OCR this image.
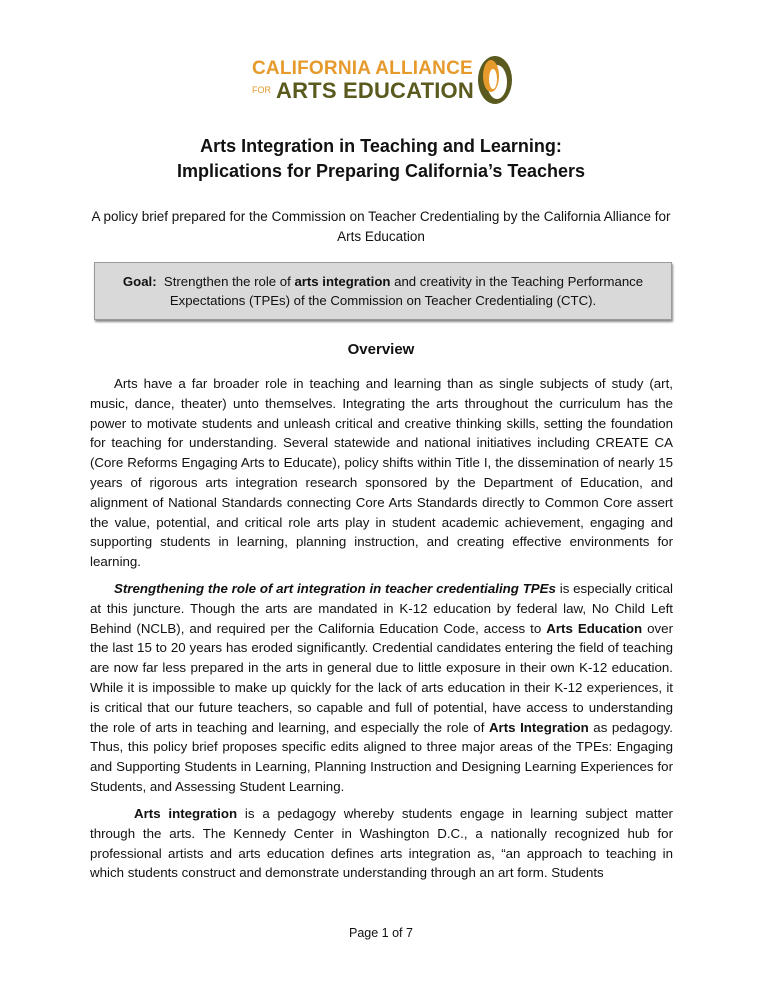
CALIFORNIA ALLIANCE
FOR ARTS EDUCATION
Arts Integration in Teaching and Learning:
Implications for Preparing California’s Teachers
A policy brief prepared for the Commission on Teacher Credentialing by the California Alliance for Arts Education
Goal: Strengthen the role of arts integration and creativity in the Teaching Performance Expectations (TPEs) of the Commission on Teacher Credentialing (CTC).
Overview
Arts have a far broader role in teaching and learning than as single subjects of study (art, music, dance, theater) unto themselves. Integrating the arts throughout the curriculum has the power to motivate students and unleash critical and creative thinking skills, setting the foundation for teaching for understanding. Several statewide and national initiatives including CREATE CA (Core Reforms Engaging Arts to Educate), policy shifts within Title I, the dissemination of nearly 15 years of rigorous arts integration research sponsored by the Department of Education, and alignment of National Standards connecting Core Arts Standards directly to Common Core assert the value, potential, and critical role arts play in student academic achievement, engaging and supporting students in learning, planning instruction, and creating effective environments for learning.
Strengthening the role of art integration in teacher credentialing TPEs is especially critical at this juncture. Though the arts are mandated in K-12 education by federal law, No Child Left Behind (NCLB), and required per the California Education Code, access to Arts Education over the last 15 to 20 years has eroded significantly. Credential candidates entering the field of teaching are now far less prepared in the arts in general due to little exposure in their own K-12 education. While it is impossible to make up quickly for the lack of arts education in their K-12 experiences, it is critical that our future teachers, so capable and full of potential, have access to understanding the role of arts in teaching and learning, and especially the role of Arts Integration as pedagogy. Thus, this policy brief proposes specific edits aligned to three major areas of the TPEs: Engaging and Supporting Students in Learning, Planning Instruction and Designing Learning Experiences for Students, and Assessing Student Learning.
Arts integration is a pedagogy whereby students engage in learning subject matter through the arts. The Kennedy Center in Washington D.C., a nationally recognized hub for professional artists and arts education defines arts integration as, “an approach to teaching in which students construct and demonstrate understanding through an art form. Students
Page 1 of 7
